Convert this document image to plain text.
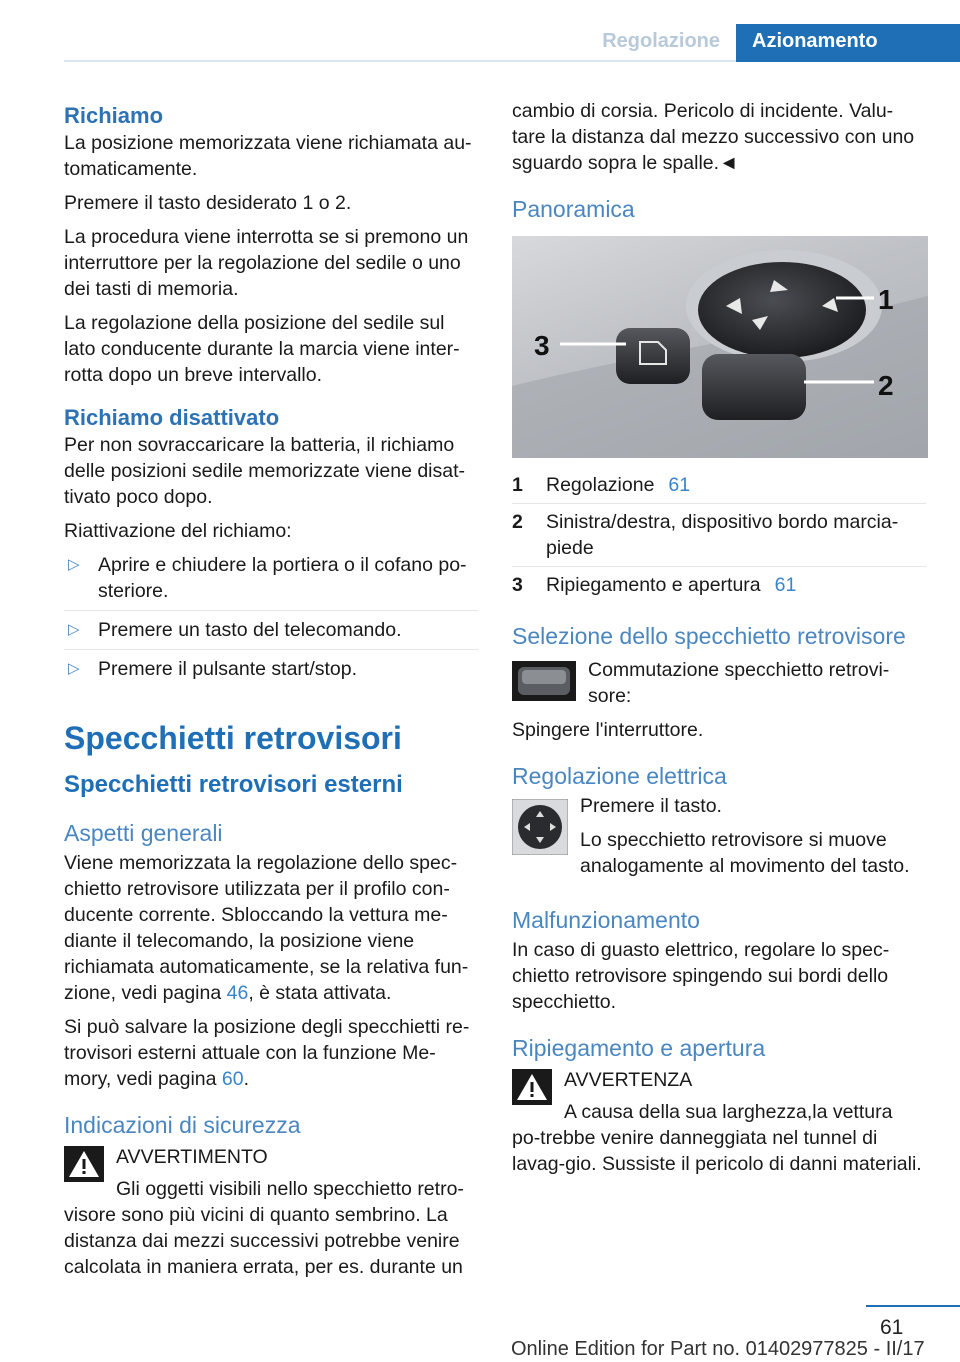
Regolazione	Azionamento
Richiamo

La posizione memorizzata viene richiamata au-tomaticamente.

Premere il tasto desiderato 1 o 2.

La procedura viene interrotta se si premono un interruttore per la regolazione del sedile o uno dei tasti di memoria.

La regolazione della posizione del sedile sul lato conducente durante la marcia viene inter-rotta dopo un breve intervallo.

Richiamo disattivato

Per non sovraccaricare la batteria, il richiamo delle posizioni sedile memorizzate viene disat-tivato poco dopo.

Riattivazione del richiamo:

▷ Aprire e chiudere la portiera o il cofano po-steriore.
▷ Premere un tasto del telecomando.
▷ Premere il pulsante start/stop.
Specchietti retrovisori
Specchietti retrovisori esterni
Aspetti generali

Viene memorizzata la regolazione dello spec-chietto retrovisore utilizzata per il profilo con-ducente corrente. Sbloccando la vettura me-diante il telecomando, la posizione viene richiamata automaticamente, se la relativa fun-zione, vedi pagina 46, è stata attivata.

Si può salvare la posizione degli specchietti re-trovisori esterni attuale con la funzione Me-mory, vedi pagina 60.

Indicazioni di sicurezza

AVVERTIMENTO

Gli oggetti visibili nello specchietto retro-visore sono più vicini di quanto sembrino. La distanza dai mezzi successivi potrebbe venire calcolata in maniera errata, per es. durante un

cambio di corsia. Pericolo di incidente. Valu-tare la distanza dal mezzo successivo con uno sguardo sopra le spalle.◄

Panoramica
1
2
3
1	Regolazione 61
2	Sinistra/destra, dispositivo bordo marcia-piede
3	Ripiegamento e apertura 61
Selezione dello specchietto retrovisore

Commutazione specchietto retrovi-sore:

Spingere l'interruttore.

Regolazione elettrica

Premere il tasto.

Lo specchietto retrovisore si muove analogamente al movimento del tasto.

Malfunzionamento

In caso di guasto elettrico, regolare lo spec-chietto retrovisore spingendo sui bordi dello specchietto.

Ripiegamento e apertura

AVVERTENZA

A causa della sua larghezza,la vettura po-trebbe venire danneggiata nel tunnel di lavag-gio. Sussiste il pericolo di danni materiali.

61
Online Edition for Part no. 01402977825 - II/17
